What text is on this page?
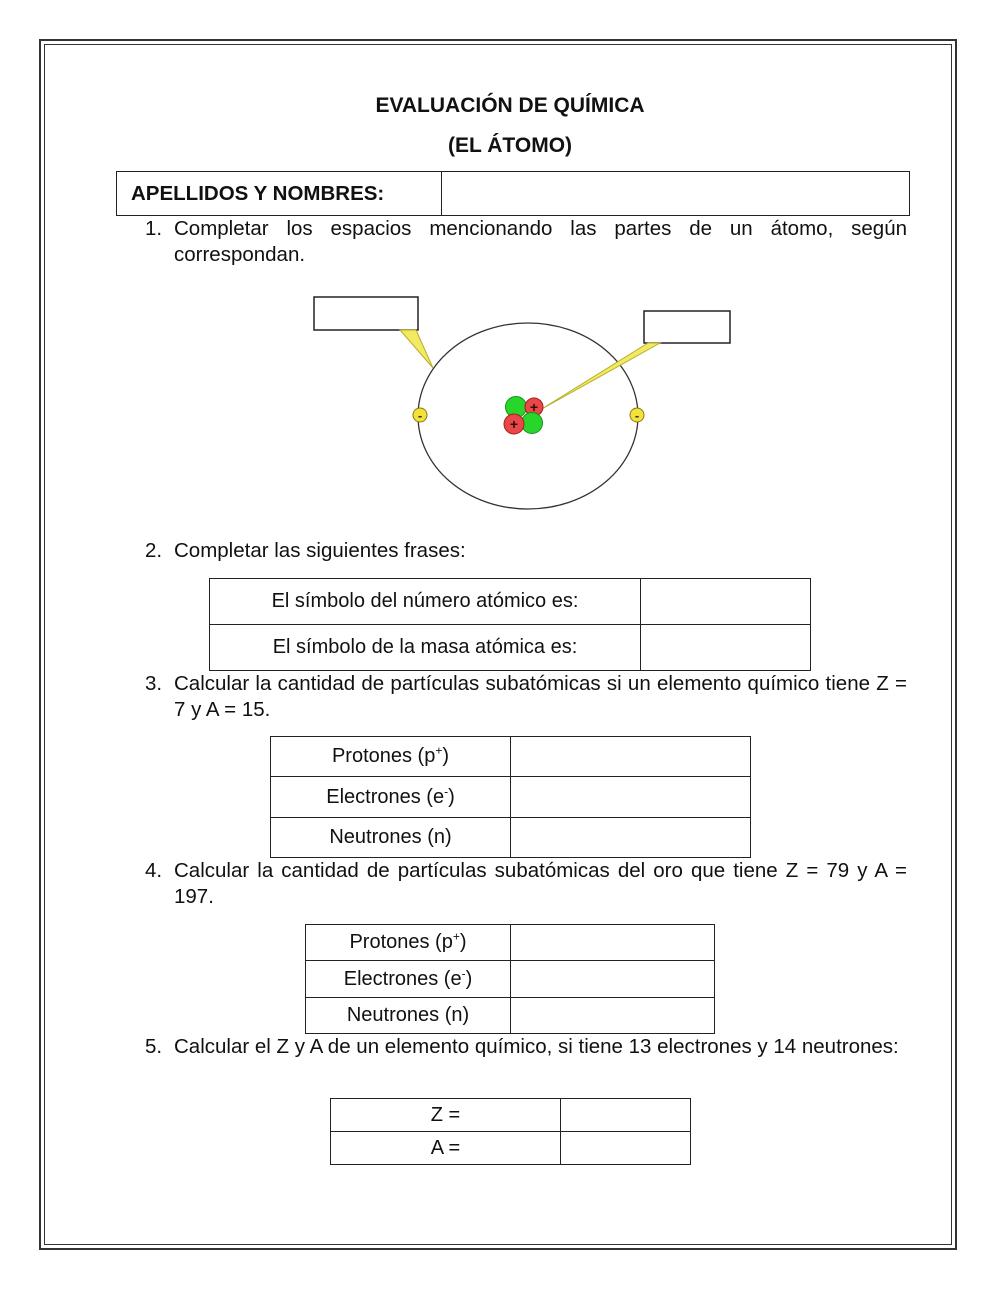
EVALUACIÓN DE QUÍMICA
(EL ÁTOMO)
APELLIDOS Y NOMBRES:	
1. Completar los espacios mencionando las partes de un átomo, según correspondan.
+
+
-	-
2. Completar las siguientes frases:
El símbolo del número atómico es:	
El símbolo de la masa atómica es:	
3. Calcular la cantidad de partículas subatómicas si un elemento químico tiene Z = 7 y A = 15.
Protones (p+)	
Electrones (e-)	
Neutrones (n)	
4. Calcular la cantidad de partículas subatómicas del oro que tiene Z = 79 y A = 197.
Protones (p+)	
Electrones (e-)	
Neutrones (n)	
5. Calcular el Z y A de un elemento químico, si tiene 13 electrones y 14 neutrones:
Z =	
A =	
